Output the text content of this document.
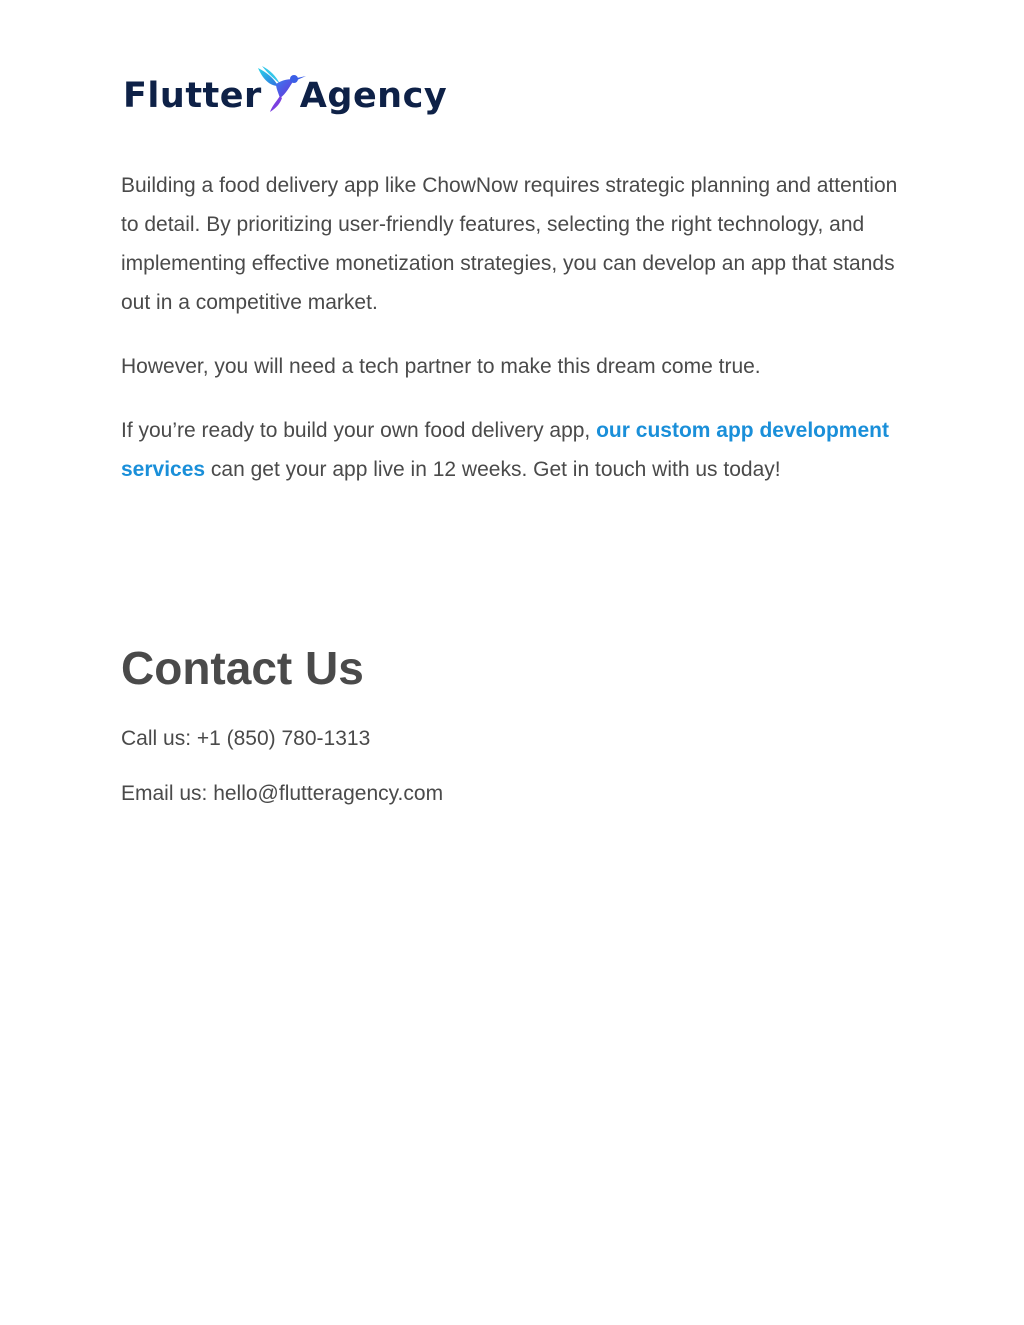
Flutter Agency

Building a food delivery app like ChowNow requires strategic planning and attention to detail. By prioritizing user-friendly features, selecting the right technology, and implementing effective monetization strategies, you can develop an app that stands out in a competitive market.

However, you will need a tech partner to make this dream come true.

If you’re ready to build your own food delivery app, our custom app development services can get your app live in 12 weeks. Get in touch with us today!

Contact Us

Call us: +1 (850) 780-1313

Email us: hello@flutteragency.com
